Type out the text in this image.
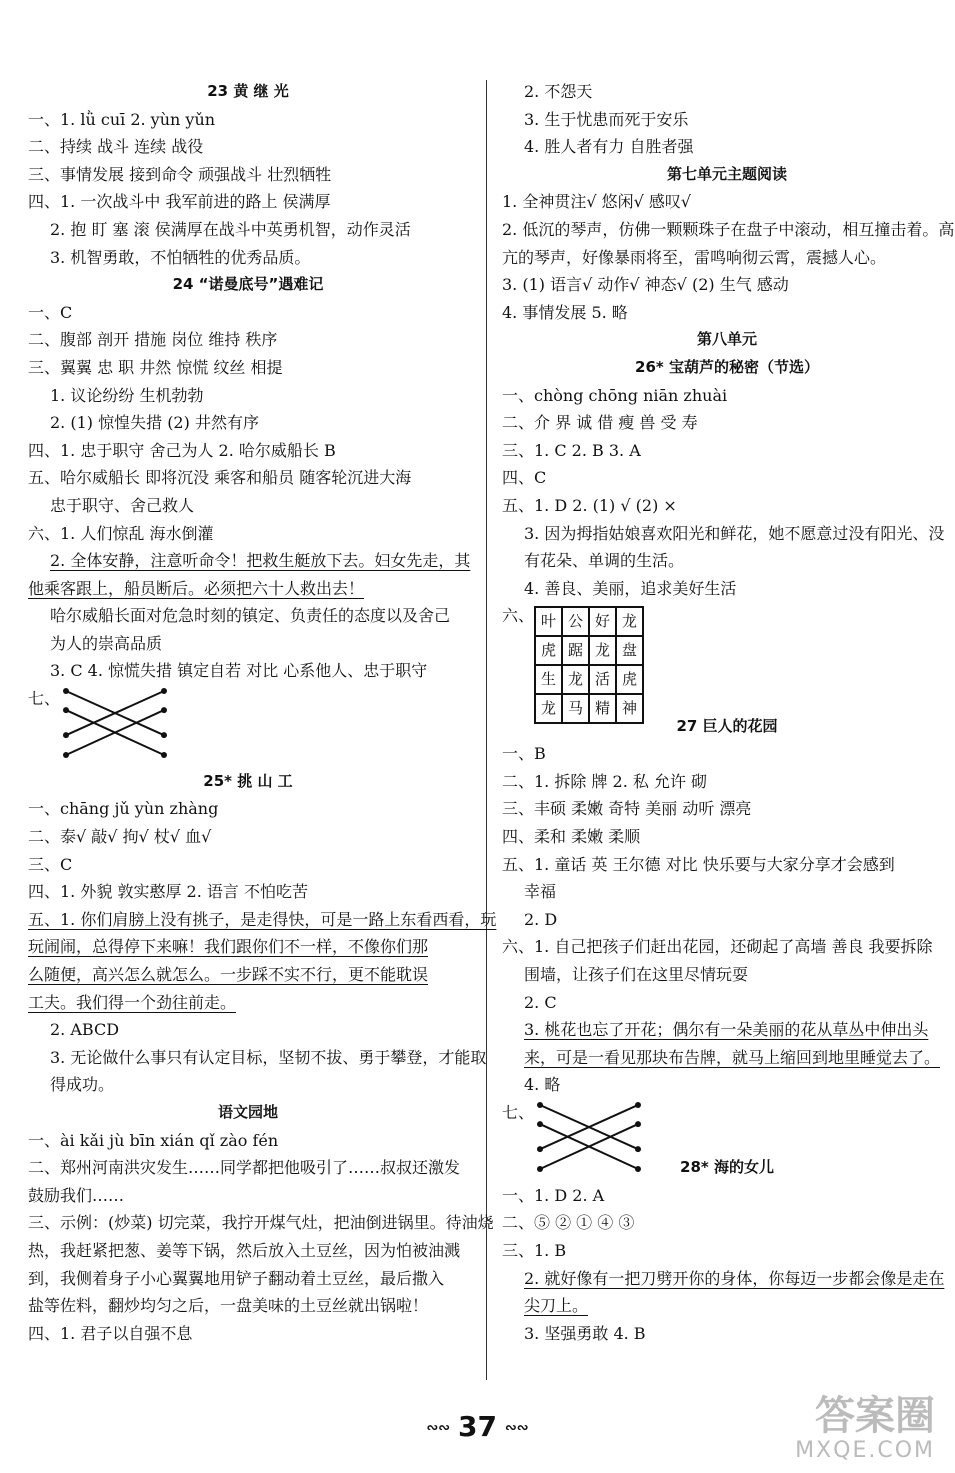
23 黄 继 光
一、1. lǜ cuī 2. yùn yǔn
二、持续 战斗 连续 战役
三、事情发展 接到命令 顽强战斗 壮烈牺牲
四、1. 一次战斗中 我军前进的路上 侯满厚
2. 抱 盯 塞 滚 侯满厚在战斗中英勇机智，动作灵活
3. 机智勇敢，不怕牺牲的优秀品质。
24 “诺曼底号”遇难记
一、C
二、腹部 剖开 措施 岗位 维持 秩序
三、翼翼 忠 职 井然 惊慌 纹丝 相提
1. 议论纷纷 生机勃勃
2. (1) 惊惶失措 (2) 井然有序
四、1. 忠于职守 舍己为人 2. 哈尔威船长 B
五、哈尔威船长 即将沉没 乘客和船员 随客轮沉进大海
忠于职守、舍己救人
六、1. 人们惊乱 海水倒灌
2. 全体安静，注意听命令！把救生艇放下去。妇女先走，其
他乘客跟上，船员断后。必须把六十人救出去！
哈尔威船长面对危急时刻的镇定、负责任的态度以及舍己
为人的崇高品质
3. C 4. 惊慌失措 镇定自若 对比 心系他人、忠于职守
七、
25* 挑 山 工
一、chāng jǔ yùn zhàng
二、泰√ 敲√ 拘√ 杖√ 血√
三、C
四、1. 外貌 敦实憨厚 2. 语言 不怕吃苦
五、1. 你们肩膀上没有挑子，是走得快，可是一路上东看西看，玩
玩闹闹，总得停下来嘛！我们跟你们不一样，不像你们那
么随便，高兴怎么就怎么。一步踩不实不行，更不能耽误
工夫。我们得一个劲往前走。
2. ABCD
3. 无论做什么事只有认定目标，坚韧不拔、勇于攀登，才能取
得成功。
语文园地
一、ài kǎi jù bīn xián qǐ zào fén
二、郑州河南洪灾发生……同学都把他吸引了……叔叔还激发
鼓励我们……
三、示例：(炒菜) 切完菜，我拧开煤气灶，把油倒进锅里。待油烧
热，我赶紧把葱、姜等下锅，然后放入土豆丝，因为怕被油溅
到，我侧着身子小心翼翼地用铲子翻动着土豆丝，最后撒入
盐等佐料，翻炒均匀之后，一盘美味的土豆丝就出锅啦！
四、1. 君子以自强不息
2. 不怨天
3. 生于忧患而死于安乐
4. 胜人者有力 自胜者强
第七单元主题阅读
1. 全神贯注√ 悠闲√ 感叹√
2. 低沉的琴声，仿佛一颗颗珠子在盘子中滚动，相互撞击着。高
亢的琴声，好像暴雨将至，雷鸣响彻云霄，震撼人心。
3. (1) 语言√ 动作√ 神态√ (2) 生气 感动
4. 事情发展 5. 略
第八单元
26* 宝葫芦的秘密（节选）
一、chòng chōng niān zhuài
二、介 界 诚 借 瘦 兽 受 寿
三、1. C 2. B 3. A
四、C
五、1. D 2. (1) √ (2) ×
3. 因为拇指姑娘喜欢阳光和鲜花，她不愿意过没有阳光、没
有花朵、单调的生活。
4. 善良、美丽，追求美好生活
六、 叶 公 好 龙
虎 踞 龙 盘
生 龙 活 虎
龙 马 精 神
27 巨人的花园
一、B
二、1. 拆除 牌 2. 私 允许 砌
三、丰硕 柔嫩 奇特 美丽 动听 漂亮
四、柔和 柔嫩 柔顺
五、1. 童话 英 王尔德 对比 快乐要与大家分享才会感到
幸福
2. D
六、1. 自己把孩子们赶出花园，还砌起了高墙 善良 我要拆除
围墙，让孩子们在这里尽情玩耍
2. C
3. 桃花也忘了开花；偶尔有一朵美丽的花从草丛中伸出头
来，可是一看见那块布告牌，就马上缩回到地里睡觉去了。
4. 略
七、
28* 海的女儿
一、1. D 2. A
二、⑤ ② ① ④ ③
三、1. B
2. 就好像有一把刀劈开你的身体，你每迈一步都会像是走在
尖刀上。
3. 坚强勇敢 4. B
∾∾ 37 ∾∾	答案圈
MXQE.COM
